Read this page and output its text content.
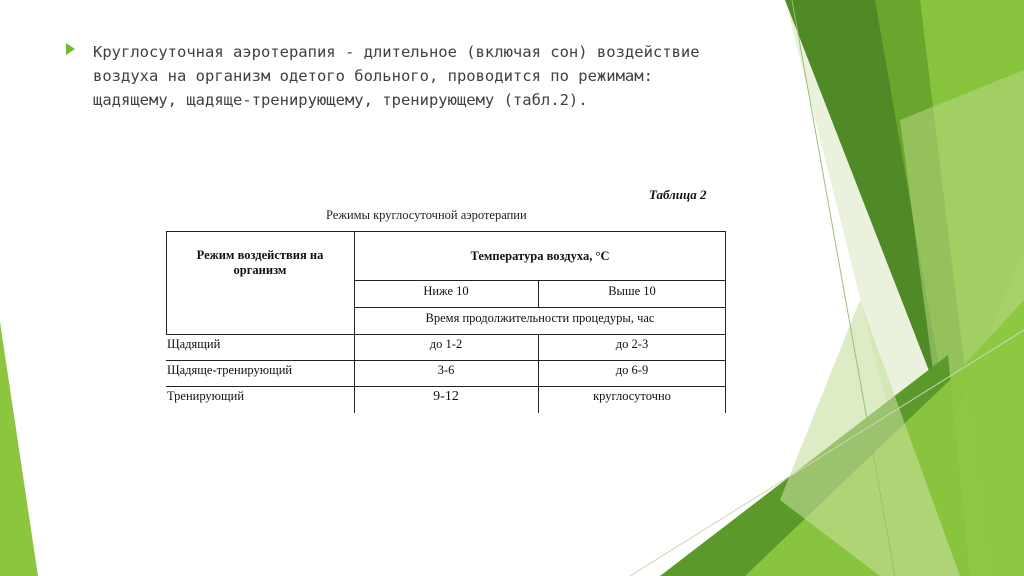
Круглосуточная аэротерапия - длительное (включая сон) воздействие
воздуха на организм одетого больного, проводится по режимам:
щадящему, щадяще-тренирующему, тренирующему (табл.2).
Таблица 2
Режимы круглосуточной аэротерапии
Режим воздействия на
организм
Температура воздуха, °С
Ниже 10	Выше 10
Время продолжительности процедуры, час
Щадящий	до 1-2	до 2-3
Щадяще-тренирующий	3-6	до 6-9
Тренирующий	9-12	круглосуточно
